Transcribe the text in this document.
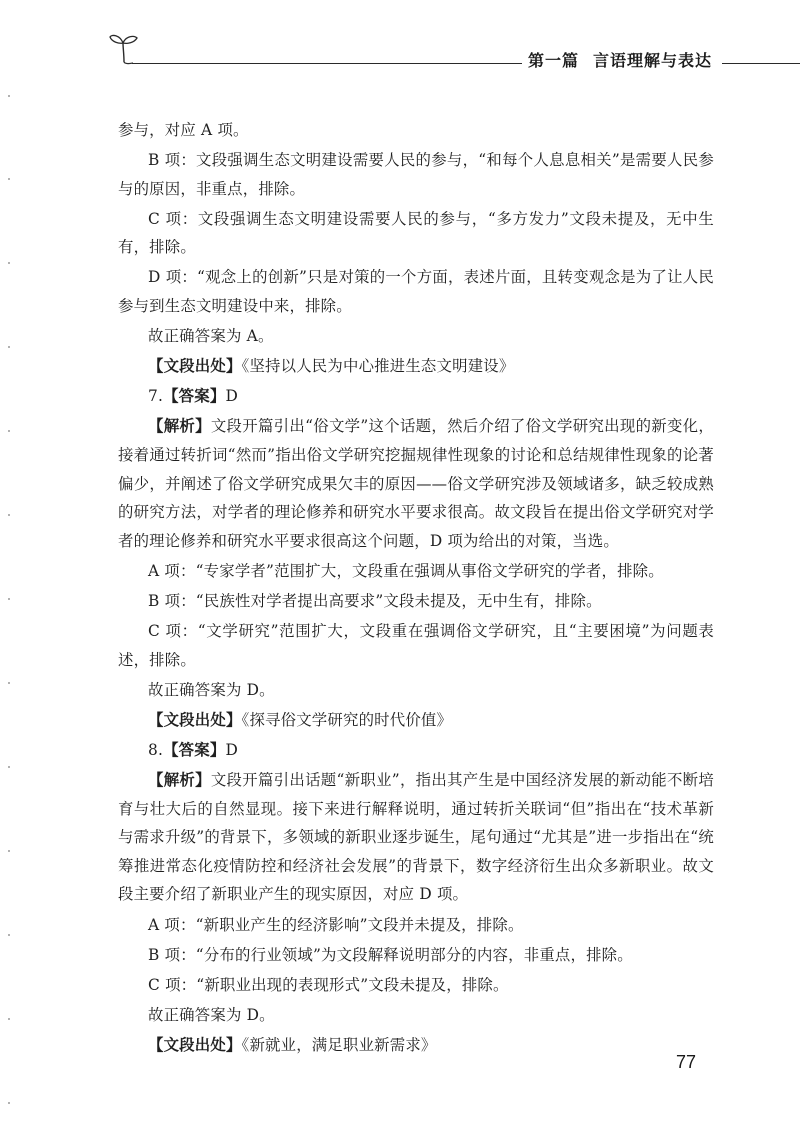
第一篇 言语理解与表达

参与，对应 A 项。

B 项：文段强调生态文明建设需要人民的参与，“和每个人息息相关”是需要人民参与的原因，非重点，排除。

C 项：文段强调生态文明建设需要人民的参与，“多方发力”文段未提及，无中生有，排除。

D 项：“观念上的创新”只是对策的一个方面，表述片面，且转变观念是为了让人民参与到生态文明建设中来，排除。

故正确答案为 A。

【文段出处】《坚持以人民为中心推进生态文明建设》

7.【答案】D

【解析】文段开篇引出“俗文学”这个话题，然后介绍了俗文学研究出现的新变化，接着通过转折词“然而”指出俗文学研究挖掘规律性现象的讨论和总结规律性现象的论著偏少，并阐述了俗文学研究成果欠丰的原因——俗文学研究涉及领域诸多，缺乏较成熟的研究方法，对学者的理论修养和研究水平要求很高。故文段旨在提出俗文学研究对学者的理论修养和研究水平要求很高这个问题，D 项为给出的对策，当选。

A 项：“专家学者”范围扩大，文段重在强调从事俗文学研究的学者，排除。

B 项：“民族性对学者提出高要求”文段未提及，无中生有，排除。

C 项：“文学研究”范围扩大，文段重在强调俗文学研究，且“主要困境”为问题表述，排除。

故正确答案为 D。

【文段出处】《探寻俗文学研究的时代价值》

8.【答案】D

【解析】文段开篇引出话题“新职业”，指出其产生是中国经济发展的新动能不断培育与壮大后的自然显现。接下来进行解释说明，通过转折关联词“但”指出在“技术革新与需求升级”的背景下，多领域的新职业逐步诞生，尾句通过“尤其是”进一步指出在“统筹推进常态化疫情防控和经济社会发展”的背景下，数字经济衍生出众多新职业。故文段主要介绍了新职业产生的现实原因，对应 D 项。

A 项：“新职业产生的经济影响”文段并未提及，排除。

B 项：“分布的行业领域”为文段解释说明部分的内容，非重点，排除。

C 项：“新职业出现的表现形式”文段未提及，排除。

故正确答案为 D。

【文段出处】《新就业，满足职业新需求》

77
